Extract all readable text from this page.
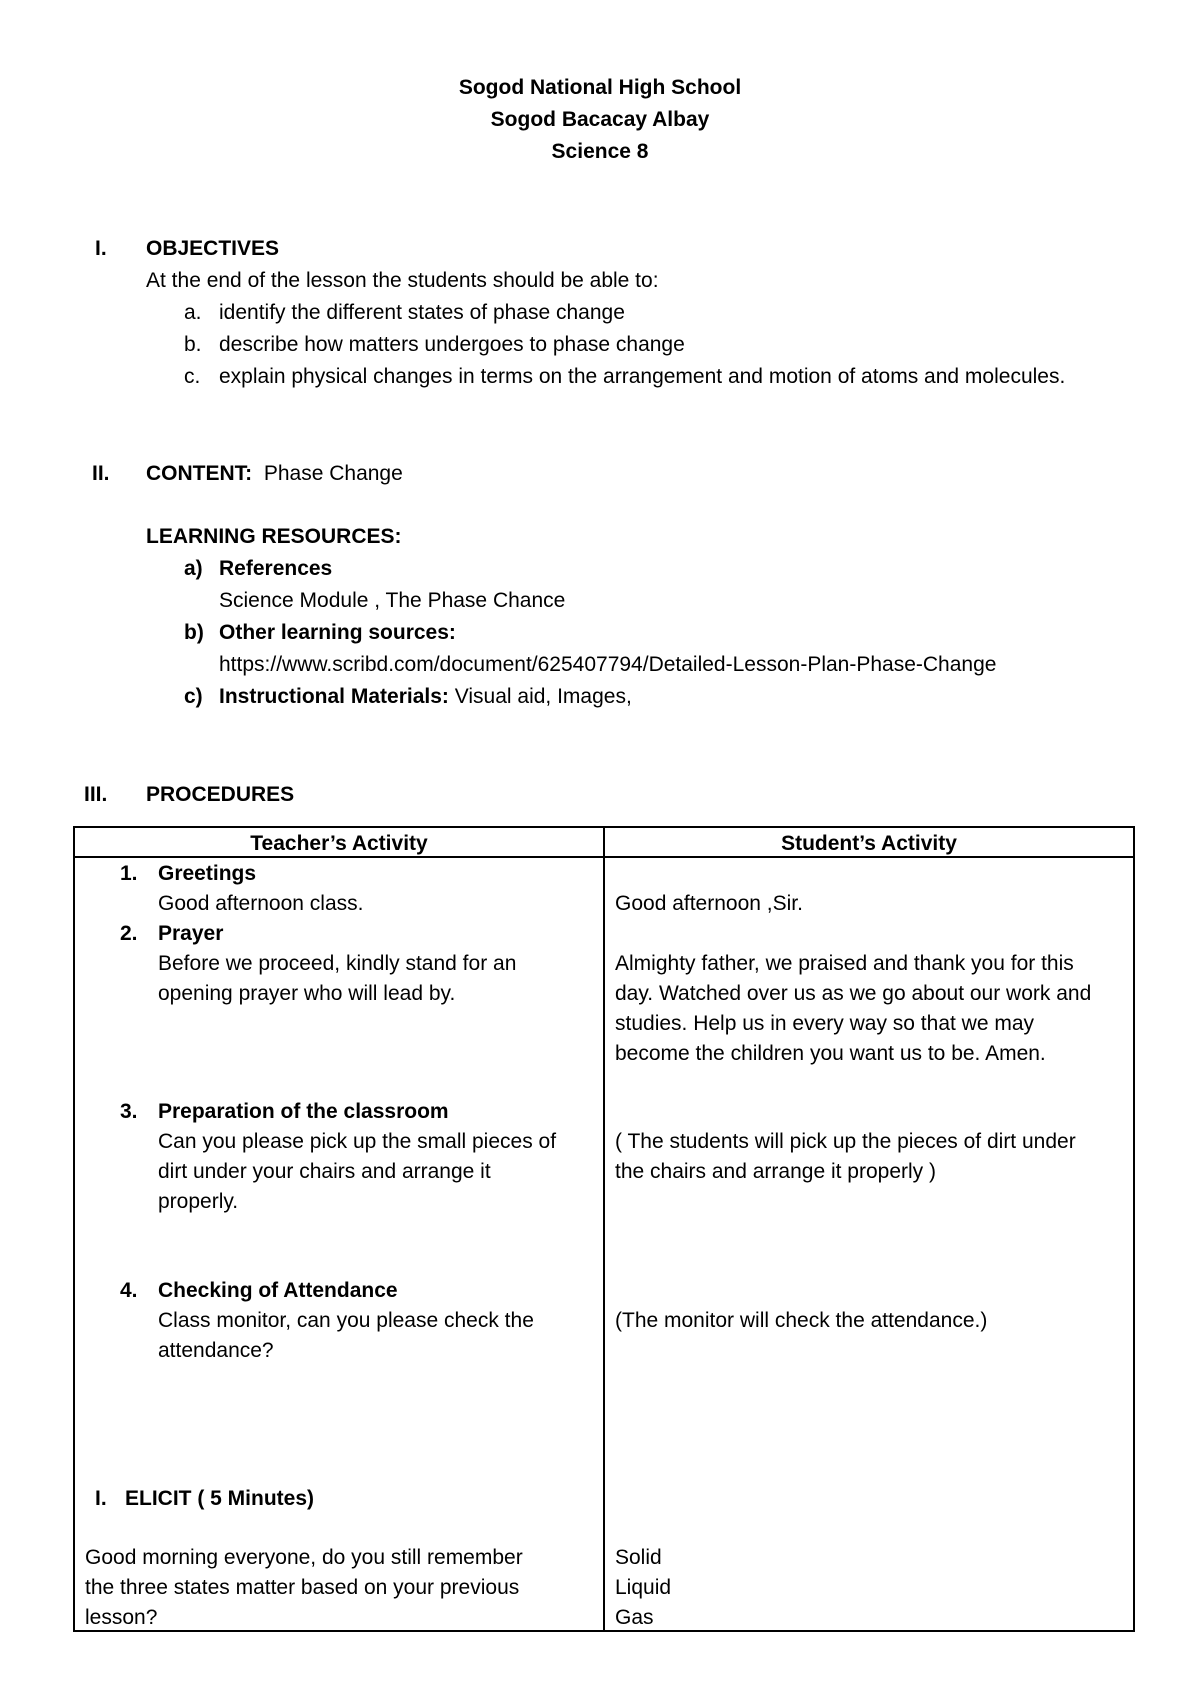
Sogod National High School
Sogod Bacacay Albay
Science 8
I. OBJECTIVES
At the end of the lesson the students should be able to:
a. identify the different states of phase change
b. describe how matters undergoes to phase change
c. explain physical changes in terms on the arrangement and motion of atoms and molecules.
II. CONTENT: Phase Change
LEARNING RESOURCES:
a) References
Science Module , The Phase Chance
b) Other learning sources:
https://www.scribd.com/document/625407794/Detailed-Lesson-Plan-Phase-Change
c) Instructional Materials: Visual aid, Images,
III. PROCEDURES
Teacher’s Activity	Student’s Activity
1. Greetings
Good afternoon class.	Good afternoon ,Sir.
2. Prayer
Before we proceed, kindly stand for an
opening prayer who will lead by.
Almighty father, we praised and thank you for this
day. Watched over us as we go about our work and
studies. Help us in every way so that we may
become the children you want us to be. Amen.
3. Preparation of the classroom
Can you please pick up the small pieces of
dirt under your chairs and arrange it
properly.
( The students will pick up the pieces of dirt under
the chairs and arrange it properly )
4. Checking of Attendance
Class monitor, can you please check the
attendance?
(The monitor will check the attendance.)
I. ELICIT ( 5 Minutes)
Good morning everyone, do you still remember
the three states matter based on your previous
lesson?
Solid
Liquid
Gas
